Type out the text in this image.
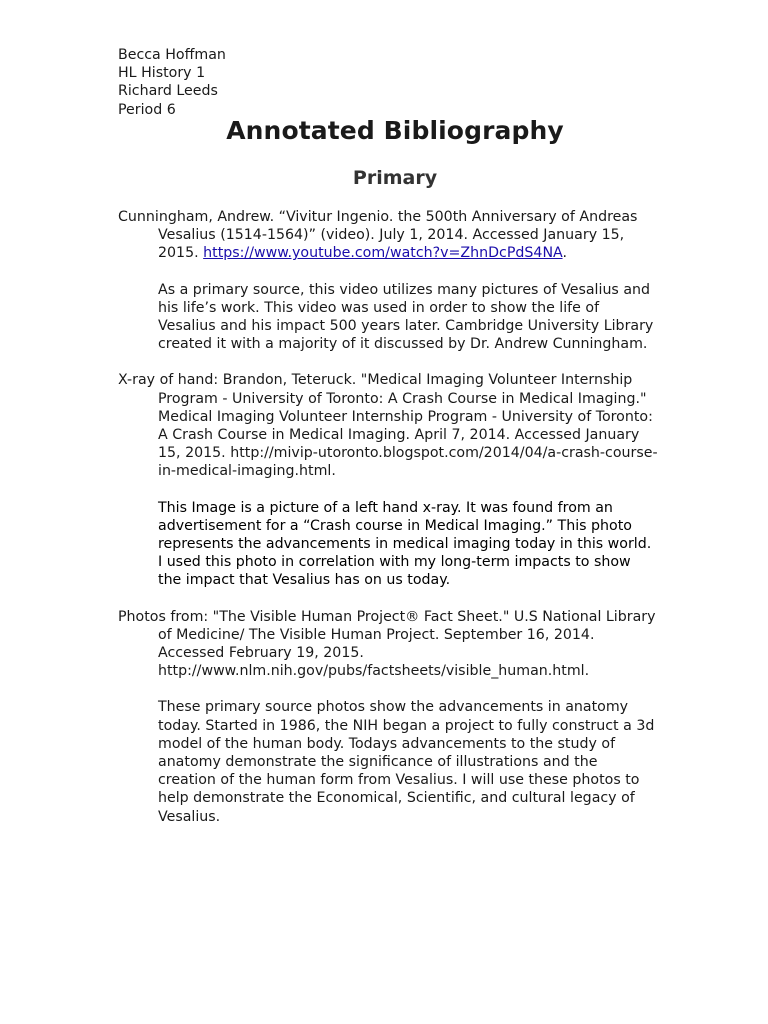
Becca Hoffman
HL History 1
Richard Leeds
Period 6
Annotated Bibliography
Primary

Cunningham, Andrew. “Vivitur Ingenio. the 500th Anniversary of Andreas Vesalius (1514-1564)” (video). July 1, 2014. Accessed January 15, 2015. https://www.youtube.com/watch?v=ZhnDcPdS4NA.

As a primary source, this video utilizes many pictures of Vesalius and his life’s work. This video was used in order to show the life of Vesalius and his impact 500 years later. Cambridge University Library created it with a majority of it discussed by Dr. Andrew Cunningham.

X-ray of hand: Brandon, Teteruck. "Medical Imaging Volunteer Internship Program - University of Toronto: A Crash Course in Medical Imaging." Medical Imaging Volunteer Internship Program - University of Toronto: A Crash Course in Medical Imaging. April 7, 2014. Accessed January 15, 2015. http://mivip-utoronto.blogspot.com/2014/04/a-crash-course-in-medical-imaging.html.

This Image is a picture of a left hand x-ray. It was found from an advertisement for a “Crash course in Medical Imaging.” This photo represents the advancements in medical imaging today in this world. I used this photo in correlation with my long-term impacts to show the impact that Vesalius has on us today.

Photos from: "The Visible Human Project® Fact Sheet." U.S National Library of Medicine/ The Visible Human Project. September 16, 2014. Accessed February 19, 2015. http://www.nlm.nih.gov/pubs/factsheets/visible_human.html.

These primary source photos show the advancements in anatomy today. Started in 1986, the NIH began a project to fully construct a 3d model of the human body. Todays advancements to the study of anatomy demonstrate the significance of illustrations and the creation of the human form from Vesalius. I will use these photos to help demonstrate the Economical, Scientific, and cultural legacy of Vesalius.
